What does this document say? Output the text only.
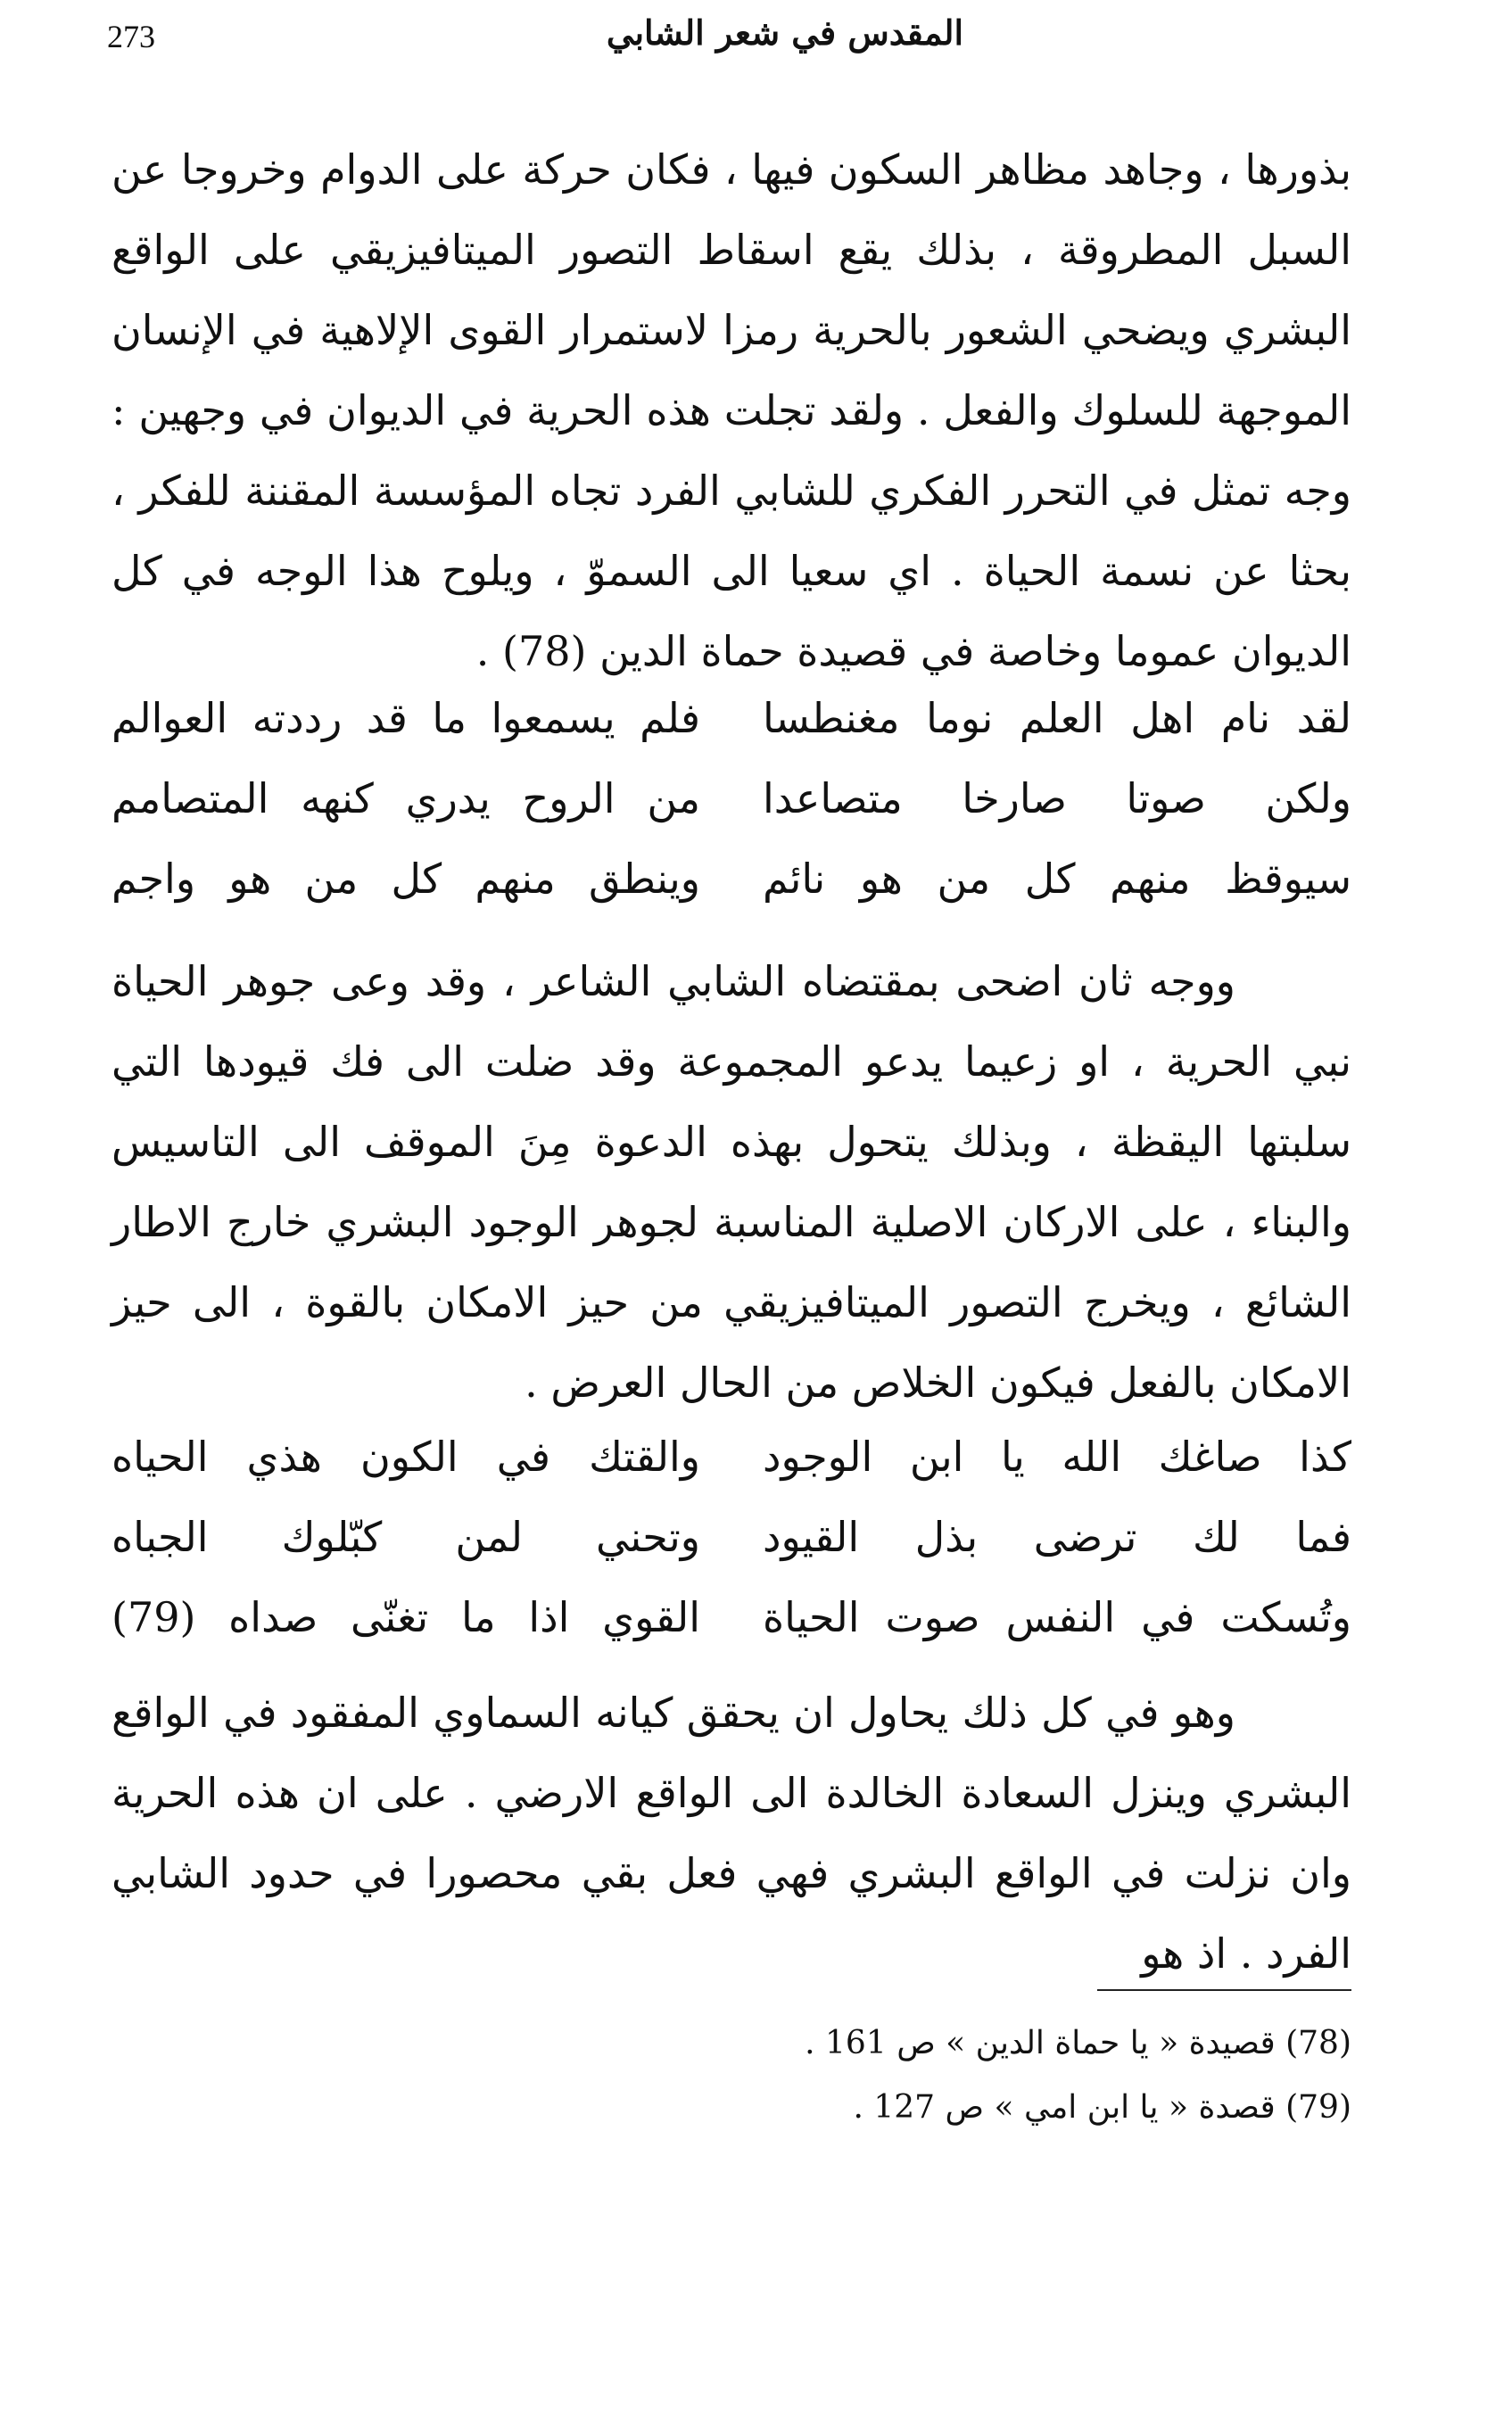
273	المقدس في شعر الشابي

بذورها ، وجاهد مظاهر السكون فيها ، فكان حركة على الدوام وخروجا عن السبل المطروقة ، بذلك يقع اسقاط التصور الميتافيزيقي على الواقع البشري ويضحي الشعور بالحرية رمزا لاستمرار القوى الإلاهية في الإنسان الموجهة للسلوك والفعل . ولقد تجلت هذه الحرية في الديوان في وجهين : وجه تمثل في التحرر الفكري للشابي الفرد تجاه المؤسسة المقننة للفكر ، بحثا عن نسمة الحياة . اي سعيا الى السموّ ، ويلوح هذا الوجه في كل الديوان عموما وخاصة في قصيدة حماة الدين (78) .

لقد نام اهل العلم نوما مغنطسا
فلم يسمعوا ما قد رددته العوالم
ولكن صوتا صارخا متصاعدا
من الروح يدري كنهه المتصامم
سيوقظ منهم كل من هو نائم
وينطق منهم كل من هو واجم

ووجه ثان اضحى بمقتضاه الشابي الشاعر ، وقد وعى جوهر الحياة نبي الحرية ، او زعيما يدعو المجموعة وقد ضلت الى فك قيودها التي سلبتها اليقظة ، وبذلك يتحول بهذه الدعوة مِنَ الموقف الى التاسيس والبناء ، على الاركان الاصلية المناسبة لجوهر الوجود البشري خارج الاطار الشائع ، ويخرج التصور الميتافيزيقي من حيز الامكان بالقوة ، الى حيز الامكان بالفعل فيكون الخلاص من الحال العرض .

كذا صاغك الله يا ابن الوجود
والقتك في الكون هذي الحياه
فما لك ترضى بذل القيود
وتحني لمن كبّلوك الجباه
وتُسكت في النفس صوت الحياة
القوي اذا ما تغنّى صداه (79)

وهو في كل ذلك يحاول ان يحقق كيانه السماوي المفقود في الواقع البشري وينزل السعادة الخالدة الى الواقع الارضي . على ان هذه الحرية وان نزلت في الواقع البشري فهي فعل بقي محصورا في حدود الشابي الفرد . اذ هو

(78) قصيدة « يا حماة الدين » ص 161 .
(79) قصدة « يا ابن امي » ص 127 .
